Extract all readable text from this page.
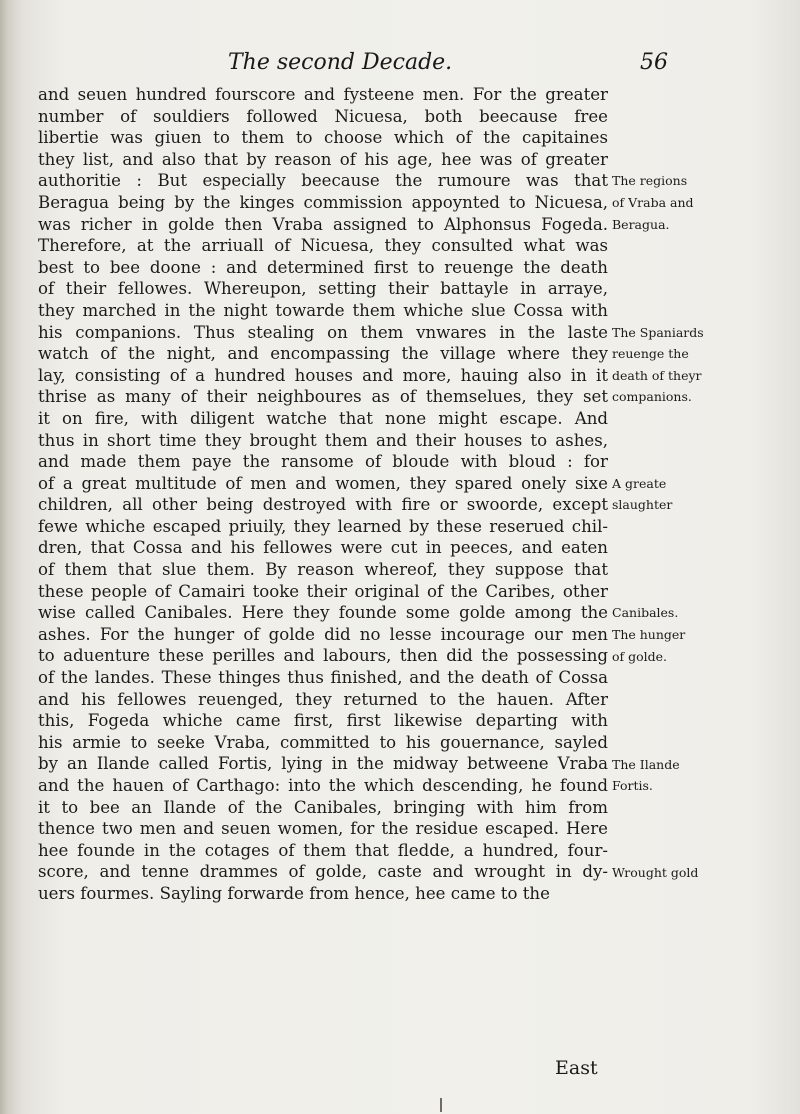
The second Decade.	56
and seuen hundred fourscore and fysteene men. For the greater
number of souldiers followed Nicuesa, both beecause free
libertie was giuen to them to choose which of the capitaines
they list, and also that by reason of his age, hee was of greater
authoritie : But especially beecause the rumoure was that
Beragua being by the kinges commission appoynted to Nicuesa,
was richer in golde then Vraba assigned to Alphonsus Fogeda.
Therefore, at the arriuall of Nicuesa, they consulted what was
best to bee doone : and determined first to reuenge the death
of their fellowes. Whereupon, setting their battayle in arraye,
they marched in the night towarde them whiche slue Cossa with
his companions. Thus stealing on them vnwares in the laste
watch of the night, and encompassing the village where they
lay, consisting of a hundred houses and more, hauing also in it
thrise as many of their neighboures as of themselues, they set
it on fire, with diligent watche that none might escape. And
thus in short time they brought them and their houses to ashes,
and made them paye the ransome of bloude with bloud : for
of a great multitude of men and women, they spared onely sixe
children, all other being destroyed with fire or swoorde, except
fewe whiche escaped priuily, they learned by these reserued chil-
dren, that Cossa and his fellowes were cut in peeces, and eaten
of them that slue them. By reason whereof, they suppose that
these people of Camairi tooke their original of the Caribes, other
wise called Canibales. Here they founde some golde among the
ashes. For the hunger of golde did no lesse incourage our men
to aduenture these perilles and labours, then did the possessing
of the landes. These thinges thus finished, and the death of Cossa
and his fellowes reuenged, they returned to the hauen. After
this, Fogeda whiche came first, first likewise departing with
his armie to seeke Vraba, committed to his gouernance, sayled
by an Ilande called Fortis, lying in the midway betweene Vraba
and the hauen of Carthago: into the which descending, he found
it to bee an Ilande of the Canibales, bringing with him from
thence two men and seuen women, for the residue escaped. Here
hee founde in the cotages of them that fledde, a hundred, four-
score, and tenne drammes of golde, caste and wrought in dy-
uers fourmes. Sayling forwarde from hence, hee came to the
The regions
of Vraba and
Beragua.
The Spaniards
reuenge the
death of theyr
companions.
A greate
slaughter
Canibales.
The hunger
of golde.
The Ilande
Fortis.
Wrought gold
East
